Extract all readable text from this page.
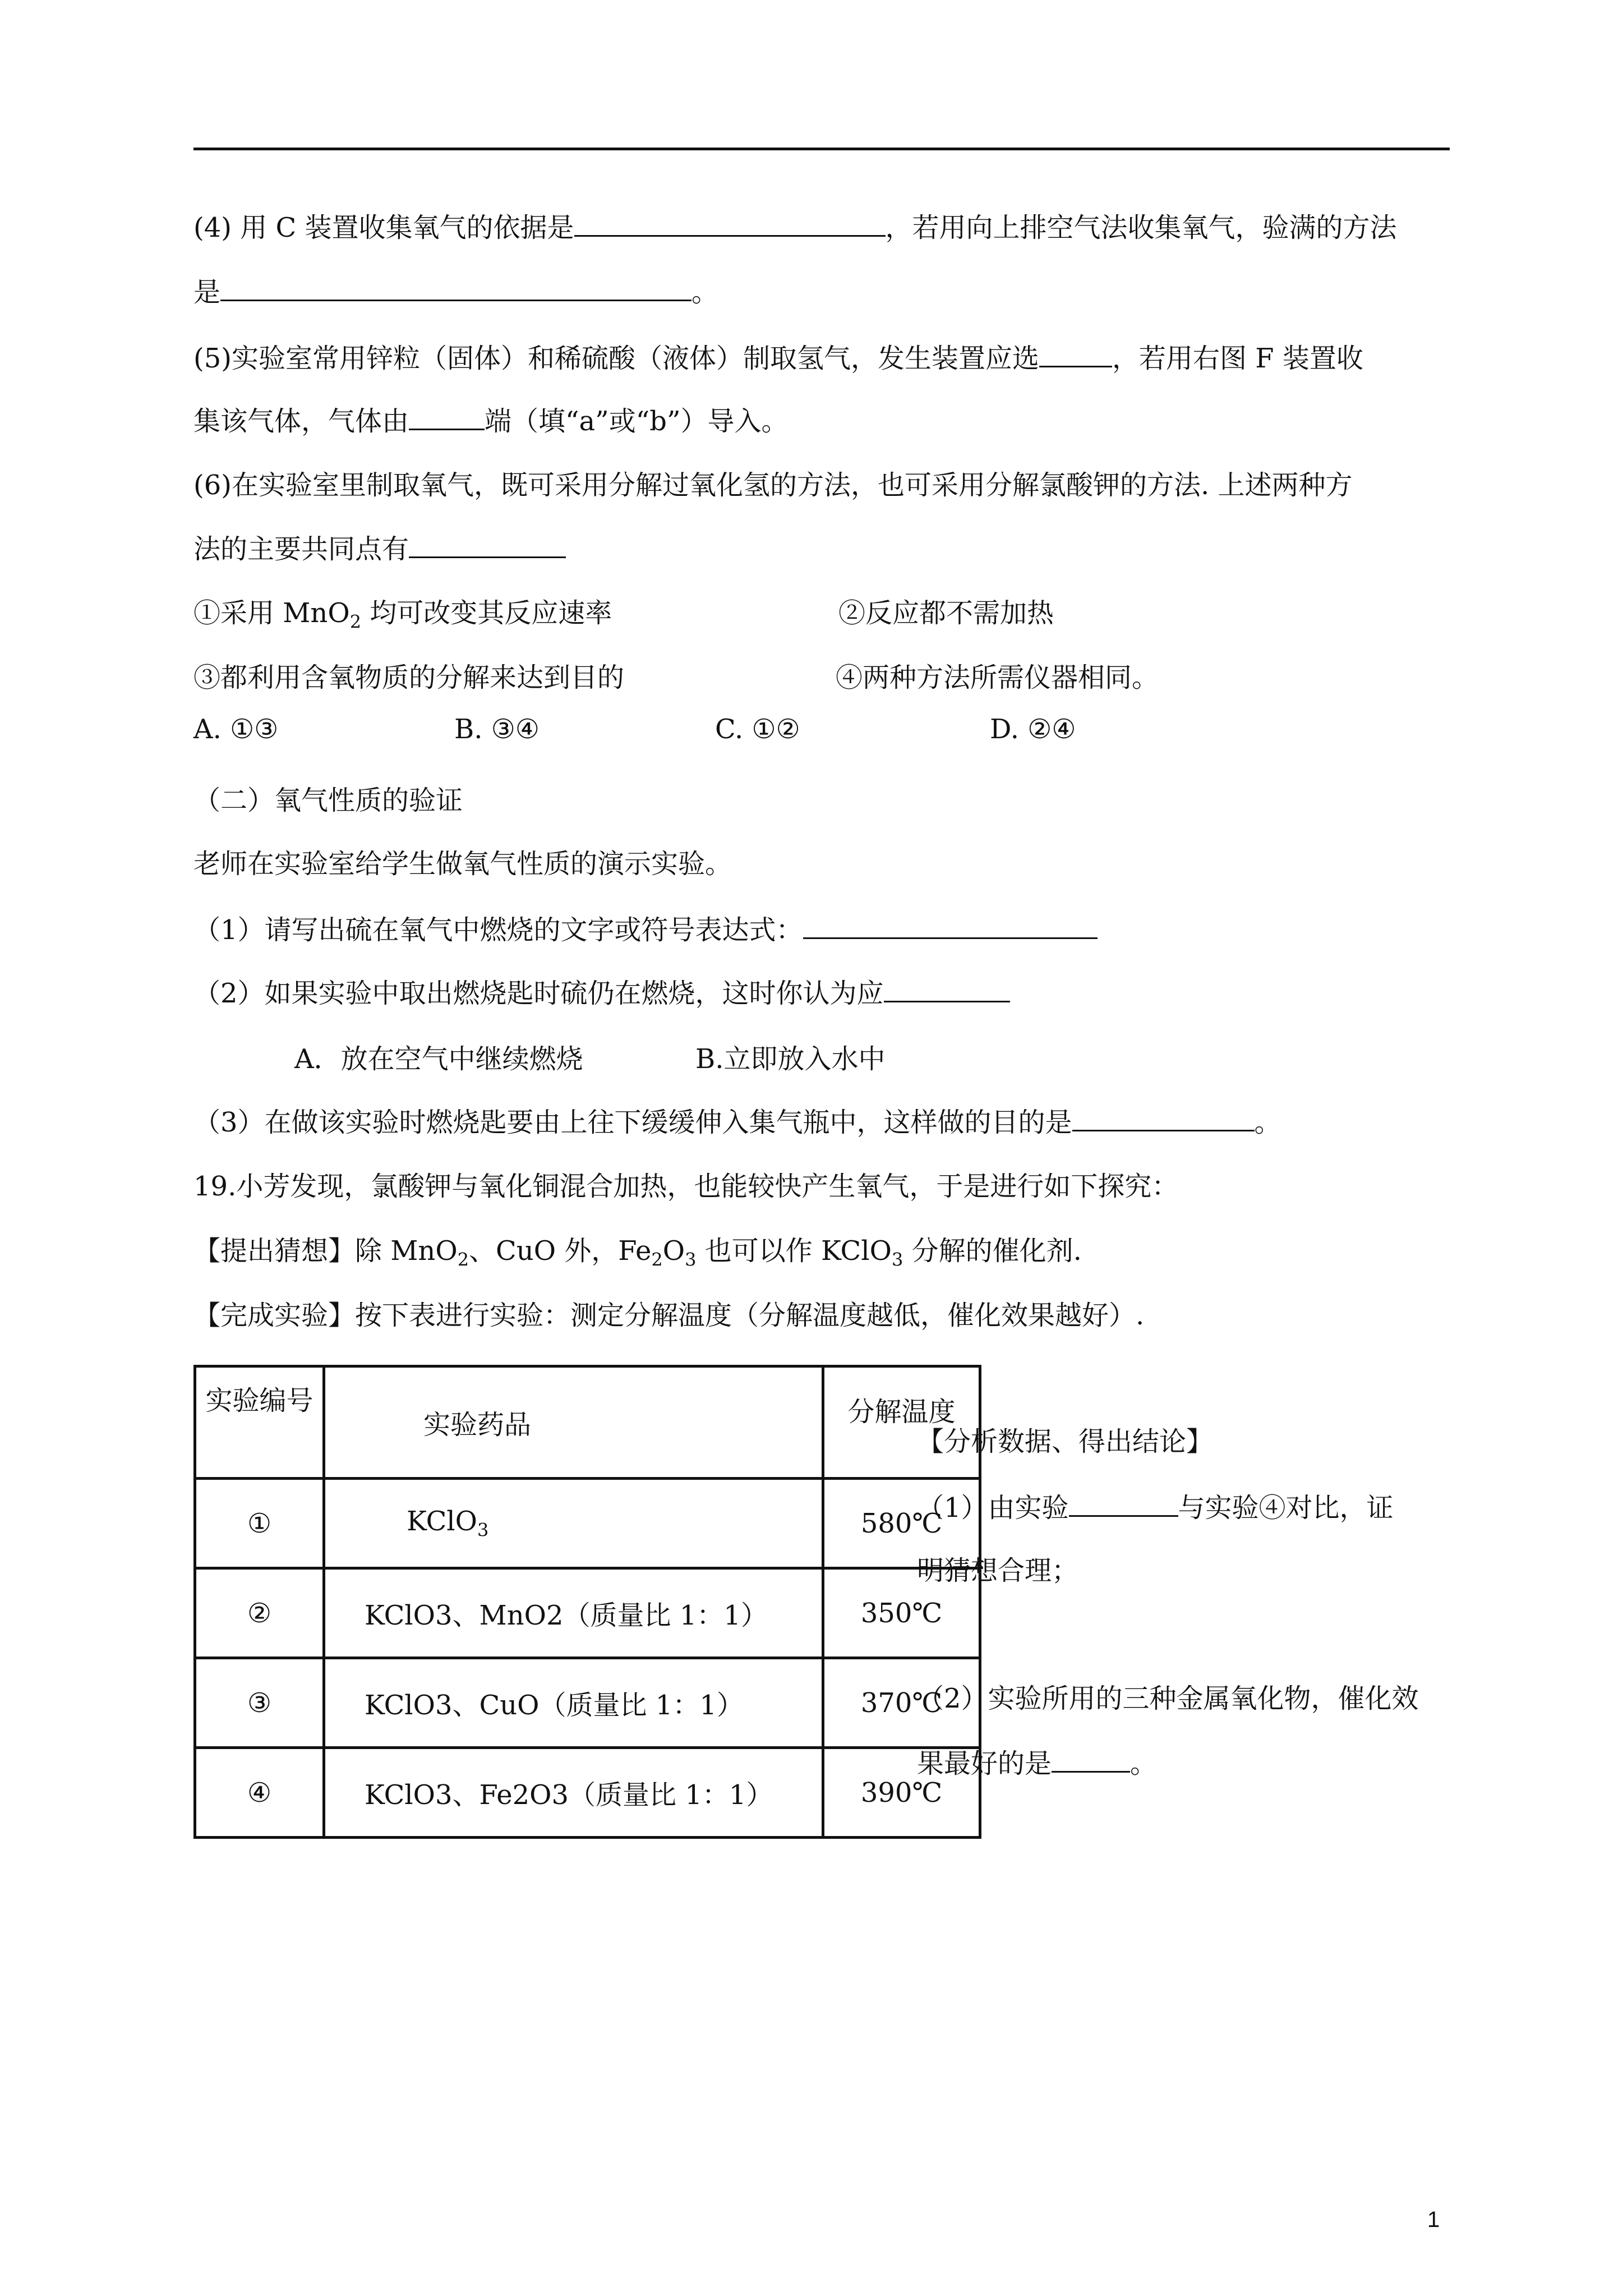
(4) 用 C 装置收集氧气的依据是	，若用向上排空气法收集氧气，验满的方法
是	。
(5)实验室常用锌粒（固体）和稀硫酸（液体）制取氢气，发生装置应选	，若用右图 F 装置收
集该气体，气体由	端（填“a”或“b”）导入。
(6)在实验室里制取氧气，既可采用分解过氧化氢的方法，也可采用分解氯酸钾的方法. 上述两种方
法的主要共同点有
①采用 MnO$_2$ 均可改变其反应速率	②反应都不需加热
③都利用含氧物质的分解来达到目的	④两种方法所需仪器相同。
A. ①③	B. ③④	C. ①②	D. ②④
（二）氧气性质的验证
老师在实验室给学生做氧气性质的演示实验。
（1）请写出硫在氧气中燃烧的文字或符号表达式：
（2）如果实验中取出燃烧匙时硫仍在燃烧，这时你认为应
A．放在空气中继续燃烧	B.立即放入水中
（3）在做该实验时燃烧匙要由上往下缓缓伸入集气瓶中，这样做的目的是	。
19.小芳发现，氯酸钾与氧化铜混合加热，也能较快产生氧气，于是进行如下探究：
【提出猜想】除 MnO$_2$、CuO 外，$Fe_2O_3$ 也可以作 KClO$_3$ 分解的催化剂.
【完成实验】按下表进行实验：测定分解温度（分解温度越低，催化效果越好）.
实验编号	实验药品	分解温度
①	KClO$_3$	580℃
②	KClO3、MnO2（质量比 1：1）	350℃
③	KClO3、CuO（质量比 1：1）	370℃
④	KClO3、Fe2O3（质量比 1：1）	390℃
【分析数据、得出结论】
（1）由实验	与实验④对比，证
明猜想合理；
（2）实验所用的三种金属氧化物，催化效
果最好的是	。
1
